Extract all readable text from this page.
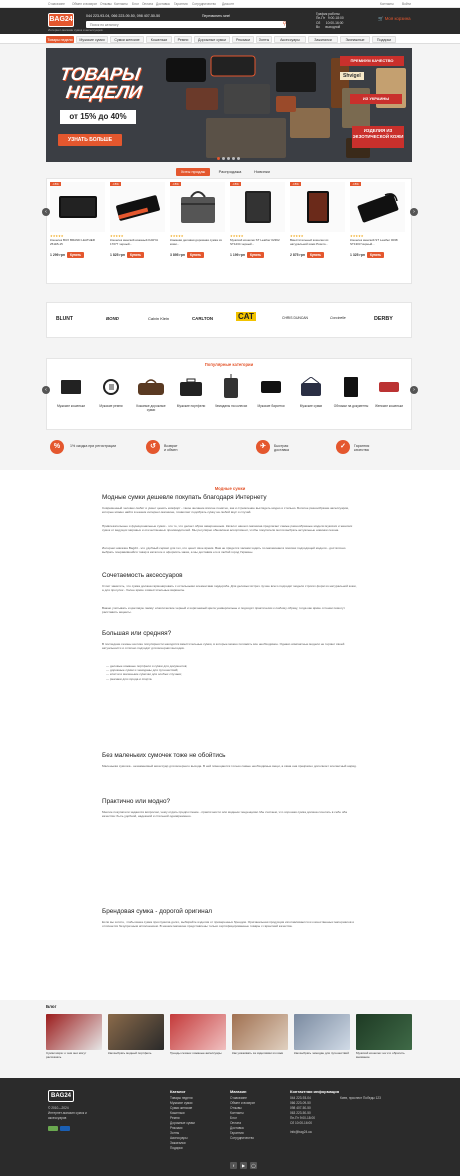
О магазине Обмен и возврат Отзывы Контакты Блог Оплата Доставка Гарантия Сотрудничество Дисконт	Контакты	Войти
BAG24
Интернет-магазин сумок и аксессуаров
044 223-93-04, 066 223-09-50, 098 407-50-50	Перезвонить мне!
Поиск по каталогу
⚲
График работы:
Пн-Пт   9:00-18:00
Сб      10:00-16:00
Вс      выходной
🛒 Моя корзина
Товары недели	Мужские сумки	Сумки женские	Кошельки	Ремни	Дорожные сумки	Рюкзаки	Зонты	Аксессуары	Зажигалки	Экипажные	Подарки
ТОВАРЫ
НЕДЕЛИ
от 15% до 40%
УЗНАТЬ БОЛЬШЕ
ПРЕМИУМ КАЧЕСТВО
Shvigel
ИЗ УКРАИНЫ
ИЗДЕЛИЯ ИЗ ЭКЗОТИЧЕСКОЙ КОЖИ
Хиты продаж	Распродажа	Новинки
‹	›
-15%
★★★★★
Кошелек BUX BRAND LEATHER 2511B-15
1 299 грн Купить
-15%
★★★★★
Кошелек женский кожаный KARYA 17077 черный...
1 825 грн Купить
-15%
★★★★★
Кожаная деловая дорожная сумка из кожи...
3 895 грн Купить
-15%
★★★★★
Мужской кошелек ST Leather 02362 ST1234 черный...
1 199 грн Купить
-15%
★★★★★
Вместительный кошелек из натуральной кожи Розето...
2 875 грн Купить
-15%
★★★★★
Кошелек женский ST Leather 0038 ST1303 Черный...
1 325 грн Купить
BLUNT	BOND	Calvin Klein	CARLTON	CAT	CHRIS DUNCAN	Coccinelle	DERBY
Популярные категории
‹	›
Мужские кошельки	Мужские ремни	Кожаные дорожные сумки
Мужские портфели	Чемоданы на колесах	Мужские барсетки	Мужские сумки	Обложки на документы	Женские кошельки
%	1% скидка при регистрации	↺	Возврат
и обмен
✈	Быстрая
доставка
✓	Гарантия
качества
Модные сумки
Модные сумки дешевле покупать благодаря Интернету
Современный человек любит и умеет ценить комфорт - такое желание вполне понятно, как и стремление выглядеть модно и стильно. Богатое разнообразие аксессуаров, которые можно найти в нашем интернет-магазине, позволяет подобрать сумку на любой вкус и случай.
Привлекательные и функциональные сумки - это то, что делает образ завершенным. Каталог нашего магазина предлагает самые разнообразные модели мужских и женских сумок от ведущих мировых и отечественных производителей. Мы регулярно обновляем ассортимент, чтобы покупатели могли выбрать актуальные новинки сезона.
Интернет-магазин Bag24 - это удобный сервис для тех, кто ценит свое время. Вам не придется часами ходить по магазинам в поисках подходящей модели - достаточно выбрать понравившийся товар в каталоге и оформить заказ, а мы доставим его в любой город Украины.
Сочетаемость аксессуаров
Стоит заметить, что сумка должна гармонировать с остальными элементами гардероба. Для деловых встреч лучше всего подходят модели строгих форм из натуральной кожи, а для прогулок - более яркие и вместительные варианты.
Важно учитывать и цветовую гамму: классические черный и коричневый цвета универсальны и подходят практически к любому образу, тогда как яркие оттенки помогут расставить акценты.
Большая или средняя?
В последние сезоны на пике популярности находятся вместительные сумки, в которые можно положить все необходимое. Однако компактные модели не теряют своей актуальности и отлично подходят для вечерних выходов.
— деловые кожаные портфели и сумки для документов;
— дорожные сумки и чемоданы для путешествий;
— клатчи и маленькие сумочки для особых случаев;
— рюкзаки для города и спорта.
Без маленьких сумочек тоже не обойтись
Маленькая сумочка - незаменимый аксессуар для вечернего выхода. В ней помещаются только самые необходимые вещи, а сама она прекрасно дополняет элегантный наряд.
Практично или модно?
Многие покупатели задаются вопросом, чему отдать предпочтение - практичности или модным тенденциям. Мы считаем, что хорошая сумка должна сочетать в себе оба качества: быть удобной, надежной и стильной одновременно.
Брендовая сумка - дорогой оригинал
Если вы хотите, чтобы ваша сумка прослужила долго, выбирайте изделия от проверенных брендов. Оригинальная продукция изготавливается из качественных материалов и отличается безупречным исполнением. В нашем магазине представлены только сертифицированные товары с гарантией качества.
Блог
Сумки мира: о чем они могут рассказать
Как выбрать модный портфель	Тренды сезона: кожаные аксессуары	Как ухаживать за изделиями из кожи	Как выбрать чемодан для путешествий	Мужской кошелек: на что обратить внимание
BAG24
© 2010—2024
Интернет-магазин сумок и аксессуаров
Каталог
Товары недели
Мужские сумки
Сумки женские
Кошельки
Ремни
Дорожные сумки
Рюкзаки
Зонты
Аксессуары
Зажигалки
Подарки
Магазин
О магазине
Обмен и возврат
Отзывы
Контакты
Блог
Оплата
Доставка
Гарантия
Сотрудничество
f	▶	◯
Контактная информация
044 223-93-04
066 223-09-50
098 407-50-50
063 223-50-50
Пн-Пт 9:00-18:00
Сб 10:00-16:00
Киев, проспект Победы 123
info@bag24.ua
